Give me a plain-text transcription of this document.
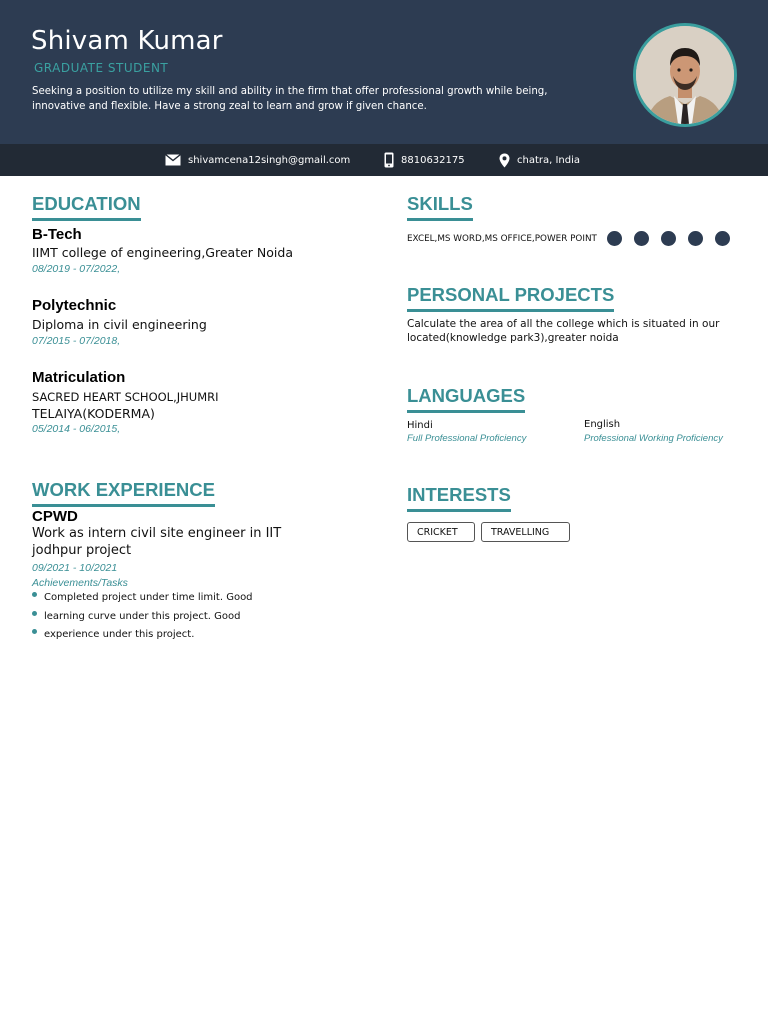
Shivam Kumar
GRADUATE STUDENT
Seeking a position to utilize my skill and ability in the firm that offer professional growth while being, innovative and flexible. Have a strong zeal to learn and grow if given chance.
shivamcena12singh@gmail.com	8810632175	chatra, India
EDUCATION
B-Tech
IIMT college of engineering,Greater Noida
08/2019 - 07/2022,
Polytechnic
Diploma in civil engineering
07/2015 - 07/2018,
Matriculation
SACRED HEART SCHOOL,JHUMRI
TELAIYA(KODERMA)
05/2014 - 06/2015,
WORK EXPERIENCE
CPWD
Work as intern civil site engineer in IIT
jodhpur project
09/2021 - 10/2021
Achievements/Tasks
Completed project under time limit. Good
learning curve under this project. Good
experience under this project.
SKILLS
EXCEL,MS WORD,MS OFFICE,POWER POINT
PERSONAL PROJECTS
Calculate the area of all the college which is situated in our
located(knowledge park3),greater noida
LANGUAGES
Hindi
Full Professional Proficiency
English
Professional Working Proficiency
INTERESTS
CRICKET	TRAVELLING
